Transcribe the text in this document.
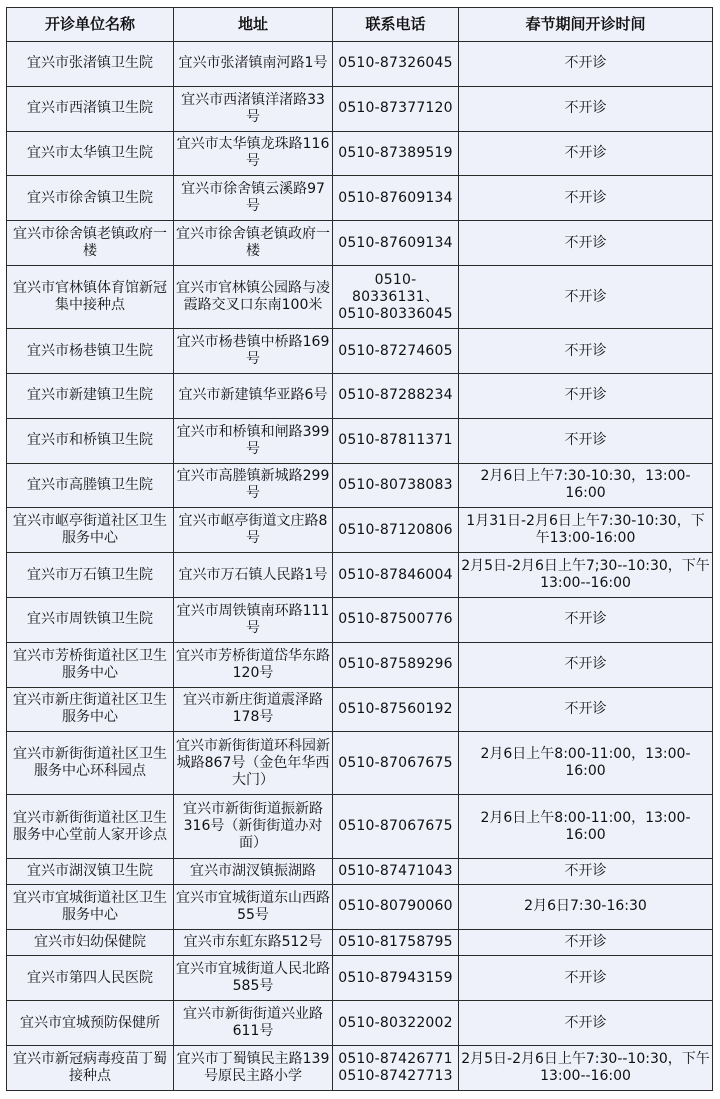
开诊单位名称	地址	联系电话	春节期间开诊时间
宜兴市张渚镇卫生院	宜兴市张渚镇南河路1号	0510-87326045	不开诊
宜兴市西渚镇卫生院	宜兴市西渚镇洋渚路33号	0510-87377120	不开诊
宜兴市太华镇卫生院	宜兴市太华镇龙珠路116号	0510-87389519	不开诊
宜兴市徐舍镇卫生院	宜兴市徐舍镇云溪路97号	0510-87609134	不开诊
宜兴市徐舍镇老镇政府一楼	宜兴市徐舍镇老镇政府一楼	0510-87609134	不开诊
宜兴市官林镇体育馆新冠集中接种点	宜兴市官林镇公园路与凌霞路交叉口东南100米	0510-80336131、0510-80336045	不开诊
宜兴市杨巷镇卫生院	宜兴市杨巷镇中桥路169号	0510-87274605	不开诊
宜兴市新建镇卫生院	宜兴市新建镇华亚路6号	0510-87288234	不开诊
宜兴市和桥镇卫生院	宜兴市和桥镇和闸路399号	0510-87811371	不开诊
宜兴市高塍镇卫生院	宜兴市高塍镇新城路299号	0510-80738083	2月6日上午7:30-10:30，13:00-16:00
宜兴市岖亭街道社区卫生服务中心	宜兴市岖亭街道文庄路8号	0510-87120806	1月31日-2月6日上午7:30-10:30，下午13:00-16:00
宜兴市万石镇卫生院	宜兴市万石镇人民路1号	0510-87846004	2月5日-2月6日上午7;30--10:30，下午13:00--16:00
宜兴市周铁镇卫生院	宜兴市周铁镇南环路111号	0510-87500776	不开诊
宜兴市芳桥街道社区卫生服务中心	宜兴市芳桥街道岱华东路120号	0510-87589296	不开诊
宜兴市新庄街道社区卫生服务中心	宜兴市新庄街道震泽路178号	0510-87560192	不开诊
宜兴市新街街道社区卫生服务中心环科园点	宜兴市新街街道环科园新城路867号（金色年华西大门）	0510-87067675	2月6日上午8:00-11:00，13:00-16:00
宜兴市新街街道社区卫生服务中心堂前人家开诊点	宜兴市新街街道振新路316号（新街街道办对面）	0510-87067675	2月6日上午8:00-11:00，13:00-16:00
宜兴市湖汊镇卫生院	宜兴市湖汊镇振湖路	0510-87471043	不开诊
宜兴市宜城街道社区卫生服务中心	宜兴市宜城街道东山西路55号	0510-80790060	2月6日7:30-16:30
宜兴市妇幼保健院	宜兴市东虹东路512号	0510-81758795	不开诊
宜兴市第四人民医院	宜兴市宜城街道人民北路585号	0510-87943159	不开诊
宜兴市宜城预防保健所	宜兴市新街街道兴业路611号	0510-80322002	不开诊
宜兴市新冠病毒疫苗丁蜀接种点	宜兴市丁蜀镇民主路139号原民主路小学	0510-87426771 0510-87427713	2月5日-2月6日上午7:30--10:30，下午13:00--16:00
